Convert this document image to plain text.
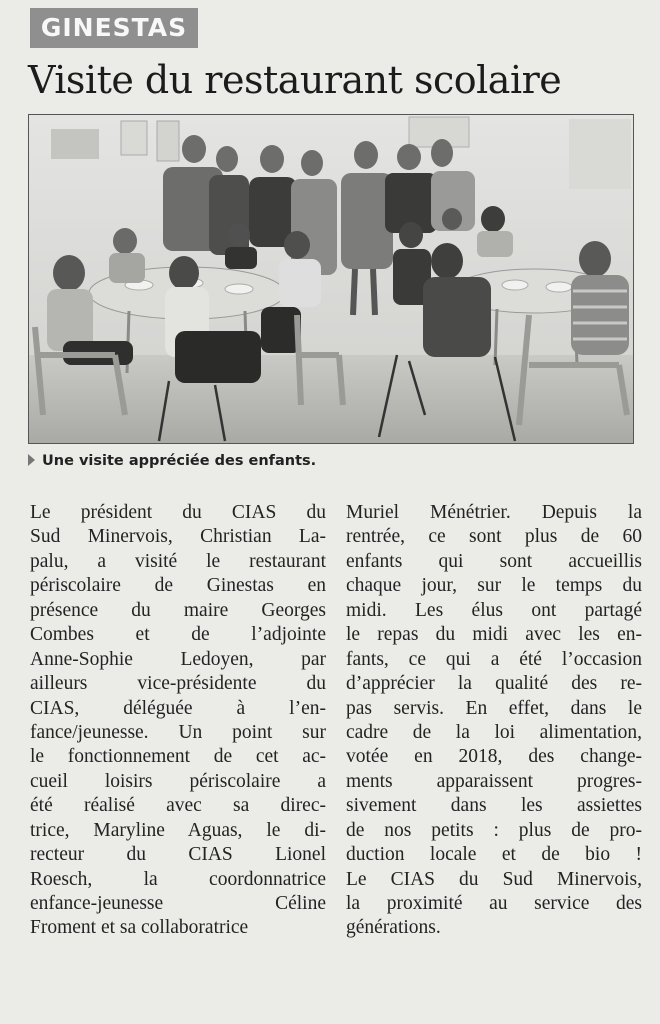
GINESTAS
Visite du restaurant scolaire
Une visite appréciée des enfants.
Le président du CIAS du
Sud Minervois, Christian La-
palu, a visité le restaurant
périscolaire de Ginestas en
présence du maire Georges
Combes et de l’adjointe
Anne-Sophie Ledoyen, par
ailleurs vice-présidente du
CIAS, déléguée à l’en-
fance/jeunesse. Un point sur
le fonctionnement de cet ac-
cueil loisirs périscolaire a
été réalisé avec sa direc-
trice, Maryline Aguas, le di-
recteur du CIAS Lionel
Roesch, la coordonnatrice
enfance-jeunesse Céline
Froment et sa collaboratrice
Muriel Ménétrier. Depuis la
rentrée, ce sont plus de 60
enfants qui sont accueillis
chaque jour, sur le temps du
midi. Les élus ont partagé
le repas du midi avec les en-
fants, ce qui a été l’occasion
d’apprécier la qualité des re-
pas servis. En effet, dans le
cadre de la loi alimentation,
votée en 2018, des change-
ments apparaissent progres-
sivement dans les assiettes
de nos petits : plus de pro-
duction locale et de bio !
Le CIAS du Sud Minervois,
la proximité au service des
générations.
